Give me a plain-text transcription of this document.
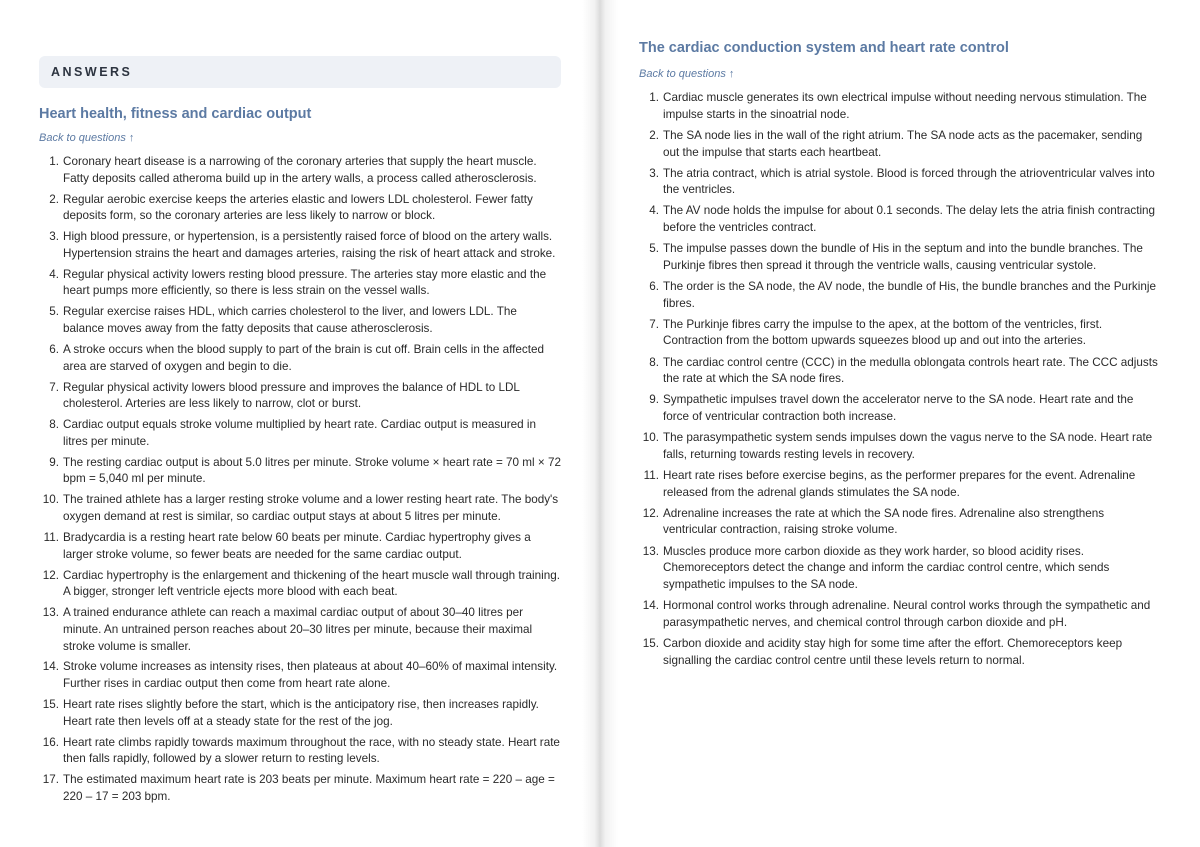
ANSWERS
Heart health, fitness and cardiac output
Back to questions ↑
1. Coronary heart disease is a narrowing of the coronary arteries that supply the heart muscle. Fatty deposits called atheroma build up in the artery walls, a process called atherosclerosis.
2. Regular aerobic exercise keeps the arteries elastic and lowers LDL cholesterol. Fewer fatty deposits form, so the coronary arteries are less likely to narrow or block.
3. High blood pressure, or hypertension, is a persistently raised force of blood on the artery walls. Hypertension strains the heart and damages arteries, raising the risk of heart attack and stroke.
4. Regular physical activity lowers resting blood pressure. The arteries stay more elastic and the heart pumps more efficiently, so there is less strain on the vessel walls.
5. Regular exercise raises HDL, which carries cholesterol to the liver, and lowers LDL. The balance moves away from the fatty deposits that cause atherosclerosis.
6. A stroke occurs when the blood supply to part of the brain is cut off. Brain cells in the affected area are starved of oxygen and begin to die.
7. Regular physical activity lowers blood pressure and improves the balance of HDL to LDL cholesterol. Arteries are less likely to narrow, clot or burst.
8. Cardiac output equals stroke volume multiplied by heart rate. Cardiac output is measured in litres per minute.
9. The resting cardiac output is about 5.0 litres per minute. Stroke volume × heart rate = 70 ml × 72 bpm = 5,040 ml per minute.
10. The trained athlete has a larger resting stroke volume and a lower resting heart rate. The body's oxygen demand at rest is similar, so cardiac output stays at about 5 litres per minute.
11. Bradycardia is a resting heart rate below 60 beats per minute. Cardiac hypertrophy gives a larger stroke volume, so fewer beats are needed for the same cardiac output.
12. Cardiac hypertrophy is the enlargement and thickening of the heart muscle wall through training. A bigger, stronger left ventricle ejects more blood with each beat.
13. A trained endurance athlete can reach a maximal cardiac output of about 30–40 litres per minute. An untrained person reaches about 20–30 litres per minute, because their maximal stroke volume is smaller.
14. Stroke volume increases as intensity rises, then plateaus at about 40–60% of maximal intensity. Further rises in cardiac output then come from heart rate alone.
15. Heart rate rises slightly before the start, which is the anticipatory rise, then increases rapidly. Heart rate then levels off at a steady state for the rest of the jog.
16. Heart rate climbs rapidly towards maximum throughout the race, with no steady state. Heart rate then falls rapidly, followed by a slower return to resting levels.
17. The estimated maximum heart rate is 203 beats per minute. Maximum heart rate = 220 – age = 220 – 17 = 203 bpm.
The cardiac conduction system and heart rate control
Back to questions ↑
1. Cardiac muscle generates its own electrical impulse without needing nervous stimulation. The impulse starts in the sinoatrial node.
2. The SA node lies in the wall of the right atrium. The SA node acts as the pacemaker, sending out the impulse that starts each heartbeat.
3. The atria contract, which is atrial systole. Blood is forced through the atrioventricular valves into the ventricles.
4. The AV node holds the impulse for about 0.1 seconds. The delay lets the atria finish contracting before the ventricles contract.
5. The impulse passes down the bundle of His in the septum and into the bundle branches. The Purkinje fibres then spread it through the ventricle walls, causing ventricular systole.
6. The order is the SA node, the AV node, the bundle of His, the bundle branches and the Purkinje fibres.
7. The Purkinje fibres carry the impulse to the apex, at the bottom of the ventricles, first. Contraction from the bottom upwards squeezes blood up and out into the arteries.
8. The cardiac control centre (CCC) in the medulla oblongata controls heart rate. The CCC adjusts the rate at which the SA node fires.
9. Sympathetic impulses travel down the accelerator nerve to the SA node. Heart rate and the force of ventricular contraction both increase.
10. The parasympathetic system sends impulses down the vagus nerve to the SA node. Heart rate falls, returning towards resting levels in recovery.
11. Heart rate rises before exercise begins, as the performer prepares for the event. Adrenaline released from the adrenal glands stimulates the SA node.
12. Adrenaline increases the rate at which the SA node fires. Adrenaline also strengthens ventricular contraction, raising stroke volume.
13. Muscles produce more carbon dioxide as they work harder, so blood acidity rises. Chemoreceptors detect the change and inform the cardiac control centre, which sends sympathetic impulses to the SA node.
14. Hormonal control works through adrenaline. Neural control works through the sympathetic and parasympathetic nerves, and chemical control through carbon dioxide and pH.
15. Carbon dioxide and acidity stay high for some time after the effort. Chemoreceptors keep signalling the cardiac control centre until these levels return to normal.
